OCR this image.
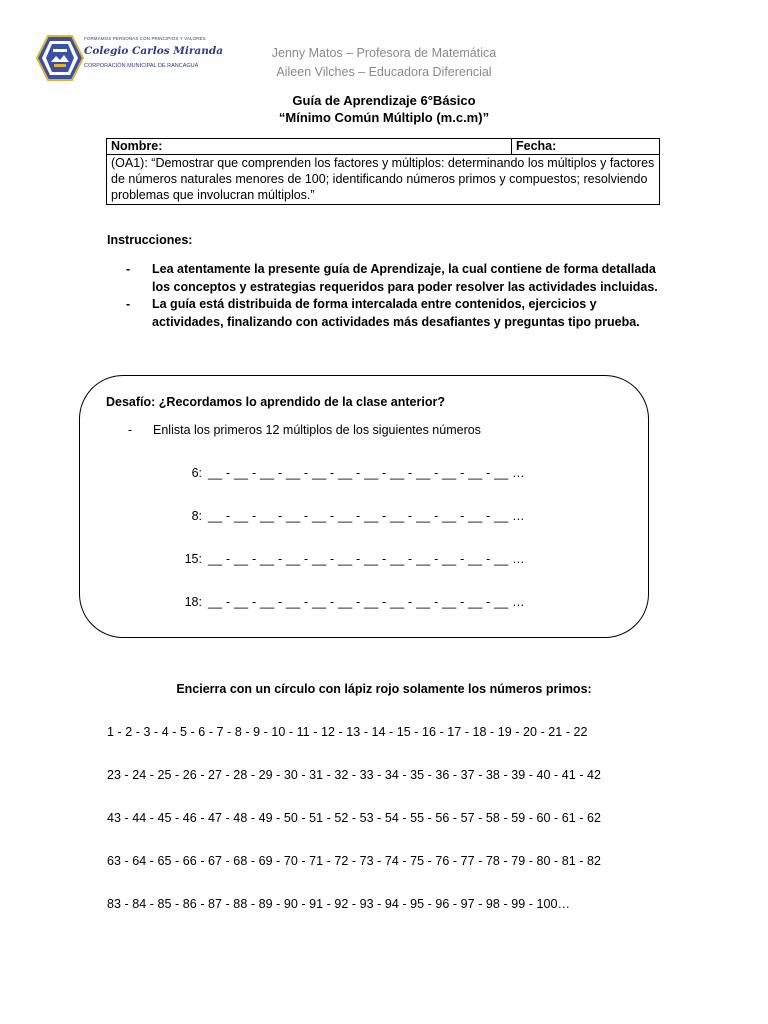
FORMAMOS PERSONAS CON PRINCIPIOS Y VALORES
Colegio Carlos Miranda
CORPORACIÓN MUNICIPAL DE RANCAGUA
Jenny Matos – Profesora de Matemática
Aileen Vilches – Educadora Diferencial
Guía de Aprendizaje 6°Básico
“Mínimo Común Múltiplo (m.c.m)”
Nombre:	Fecha:
(OA1): “Demostrar que comprenden los factores y múltiplos: determinando los múltiplos y factores de números naturales menores de 100; identificando números primos y compuestos; resolviendo problemas que involucran múltiplos.”
Instrucciones:
-	Lea atentamente la presente guía de Aprendizaje, la cual contiene de forma detallada los conceptos y estrategias requeridos para poder resolver las actividades incluidas.
-	La guía está distribuida de forma intercalada entre contenidos, ejercicios y actividades, finalizando con actividades más desafiantes y preguntas tipo prueba.
Desafío: ¿Recordamos lo aprendido de la clase anterior?
-	Enlista los primeros 12 múltiplos de los siguientes números
6: __ - __ - __ - __ - __ - __ - __ - __ - __ - __ - __ - __ …
8: __ - __ - __ - __ - __ - __ - __ - __ - __ - __ - __ - __ …
15: __ - __ - __ - __ - __ - __ - __ - __ - __ - __ - __ - __ …
18: __ - __ - __ - __ - __ - __ - __ - __ - __ - __ - __ - __ …
Encierra con un círculo con lápiz rojo solamente los números primos:
1 - 2 - 3 - 4 - 5 - 6 - 7 - 8 - 9 - 10 - 11 - 12 - 13 - 14 - 15 - 16 - 17 - 18 - 19 - 20 - 21 - 22
23 - 24 - 25 - 26 - 27 - 28 - 29 - 30 - 31 - 32 - 33 - 34 - 35 - 36 - 37 - 38 - 39 - 40 - 41 - 42
43 - 44 - 45 - 46 - 47 - 48 - 49 - 50 - 51 - 52 - 53 - 54 - 55 - 56 - 57 - 58 - 59 - 60 - 61 - 62
63 - 64 - 65 - 66 - 67 - 68 - 69 - 70 - 71 - 72 - 73 - 74 - 75 - 76 - 77 - 78 - 79 - 80 - 81 - 82
83 - 84 - 85 - 86 - 87 - 88 - 89 - 90 - 91 - 92 - 93 - 94 - 95 - 96 - 97 - 98 - 99 - 100…
